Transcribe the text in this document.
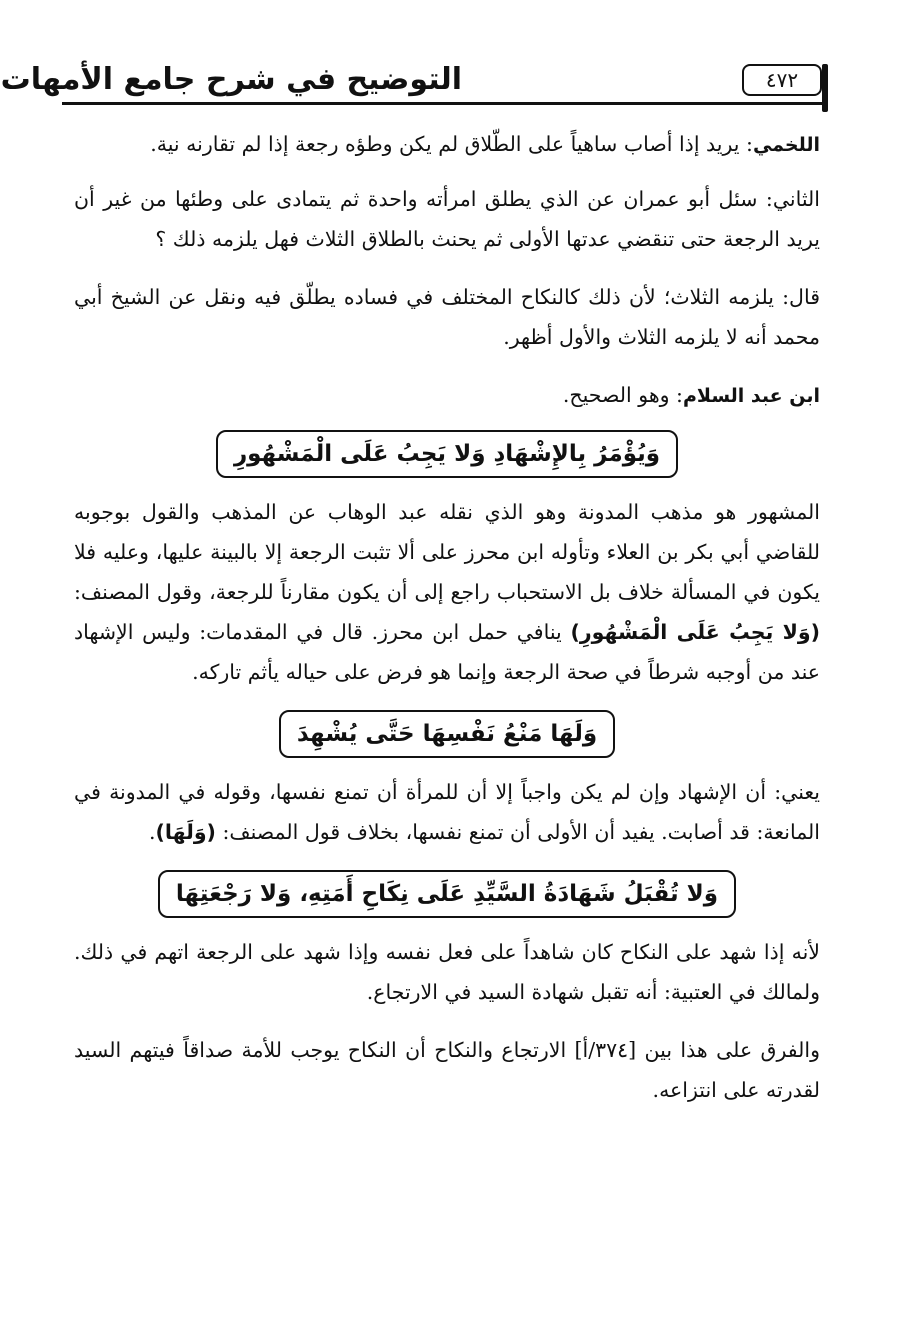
التوضيح في شرح جامع الأمهات	٤٧٢

اللخمي: يريد إذا أصاب ساهياً على الطّلاق لم يكن وطؤه رجعة إذا لم تقارنه نية.

الثاني: سئل أبو عمران عن الذي يطلق امرأته واحدة ثم يتمادى على وطئها من غير أن يريد الرجعة حتى تنقضي عدتها الأولى ثم يحنث بالطلاق الثلاث فهل يلزمه ذلك ؟

قال: يلزمه الثلاث؛ لأن ذلك كالنكاح المختلف في فساده يطلّق فيه ونقل عن الشيخ أبي محمد أنه لا يلزمه الثلاث والأول أظهر.

ابن عبد السلام: وهو الصحيح.

وَيُؤْمَرُ بِالإِشْهَادِ وَلا يَجِبُ عَلَى الْمَشْهُورِ

المشهور هو مذهب المدونة وهو الذي نقله عبد الوهاب عن المذهب والقول بوجوبه للقاضي أبي بكر بن العلاء وتأوله ابن محرز على ألا تثبت الرجعة إلا بالبينة عليها، وعليه فلا يكون في المسألة خلاف بل الاستحباب راجع إلى أن يكون مقارناً للرجعة، وقول المصنف: (وَلا يَجِبُ عَلَى الْمَشْهُورِ) ينافي حمل ابن محرز. قال في المقدمات: وليس الإشهاد عند من أوجبه شرطاً في صحة الرجعة وإنما هو فرض على حياله يأثم تاركه.

وَلَهَا مَنْعُ نَفْسِهَا حَتَّى يُشْهِدَ

يعني: أن الإشهاد وإن لم يكن واجباً إلا أن للمرأة أن تمنع نفسها، وقوله في المدونة في المانعة: قد أصابت. يفيد أن الأولى أن تمنع نفسها، بخلاف قول المصنف: (وَلَهَا).

وَلا تُقْبَلُ شَهَادَةُ السَّيِّدِ عَلَى نِكَاحِ أَمَتِهِ، وَلا رَجْعَتِهَا

لأنه إذا شهد على النكاح كان شاهداً على فعل نفسه وإذا شهد على الرجعة اتهم في ذلك. ولمالك في العتبية: أنه تقبل شهادة السيد في الارتجاع.

والفرق على هذا بين [٣٧٤/أ] الارتجاع والنكاح أن النكاح يوجب للأمة صداقاً فيتهم السيد لقدرته على انتزاعه.
